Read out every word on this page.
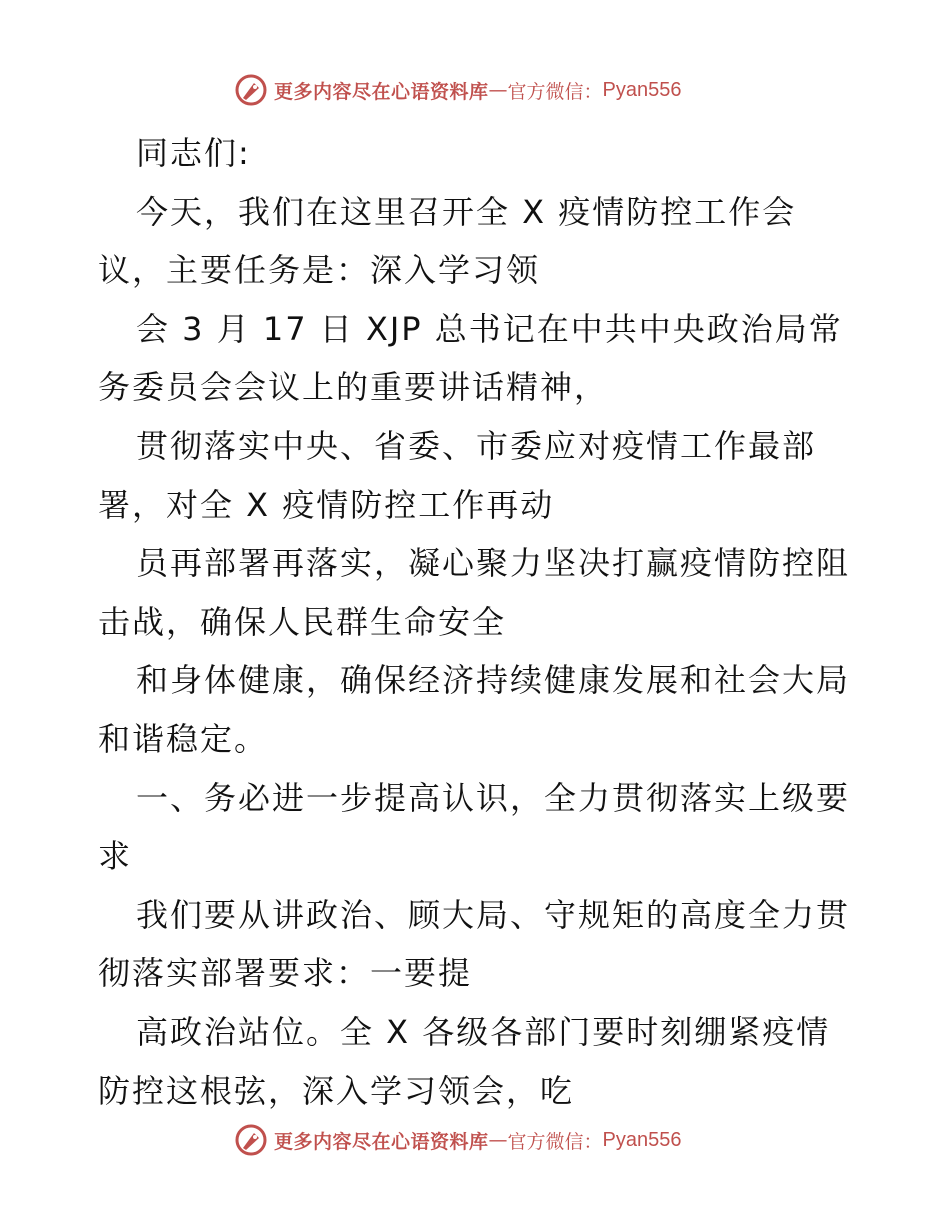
更多内容尽在心语资料库 — 官方微信： Pyan556
同志们:
今天，我们在这里召开全 X 疫情防控工作会
议，主要任务是：深入学习领
会 3 月 17 日 XJP 总书记在中共中央政治局常
务委员会会议上的重要讲话精神，
贯彻落实中央、省委、市委应对疫情工作最部
署，对全 X 疫情防控工作再动
员再部署再落实，凝心聚力坚决打赢疫情防控阻
击战，确保人民群生命安全
和身体健康，确保经济持续健康发展和社会大局
和谐稳定。
一、务必进一步提高认识，全力贯彻落实上级要
求
我们要从讲政治、顾大局、守规矩的高度全力贯
彻落实部署要求：一要提
高政治站位。全 X 各级各部门要时刻绷紧疫情
防控这根弦，深入学习领会，吃
更多内容尽在心语资料库 — 官方微信： Pyan556
